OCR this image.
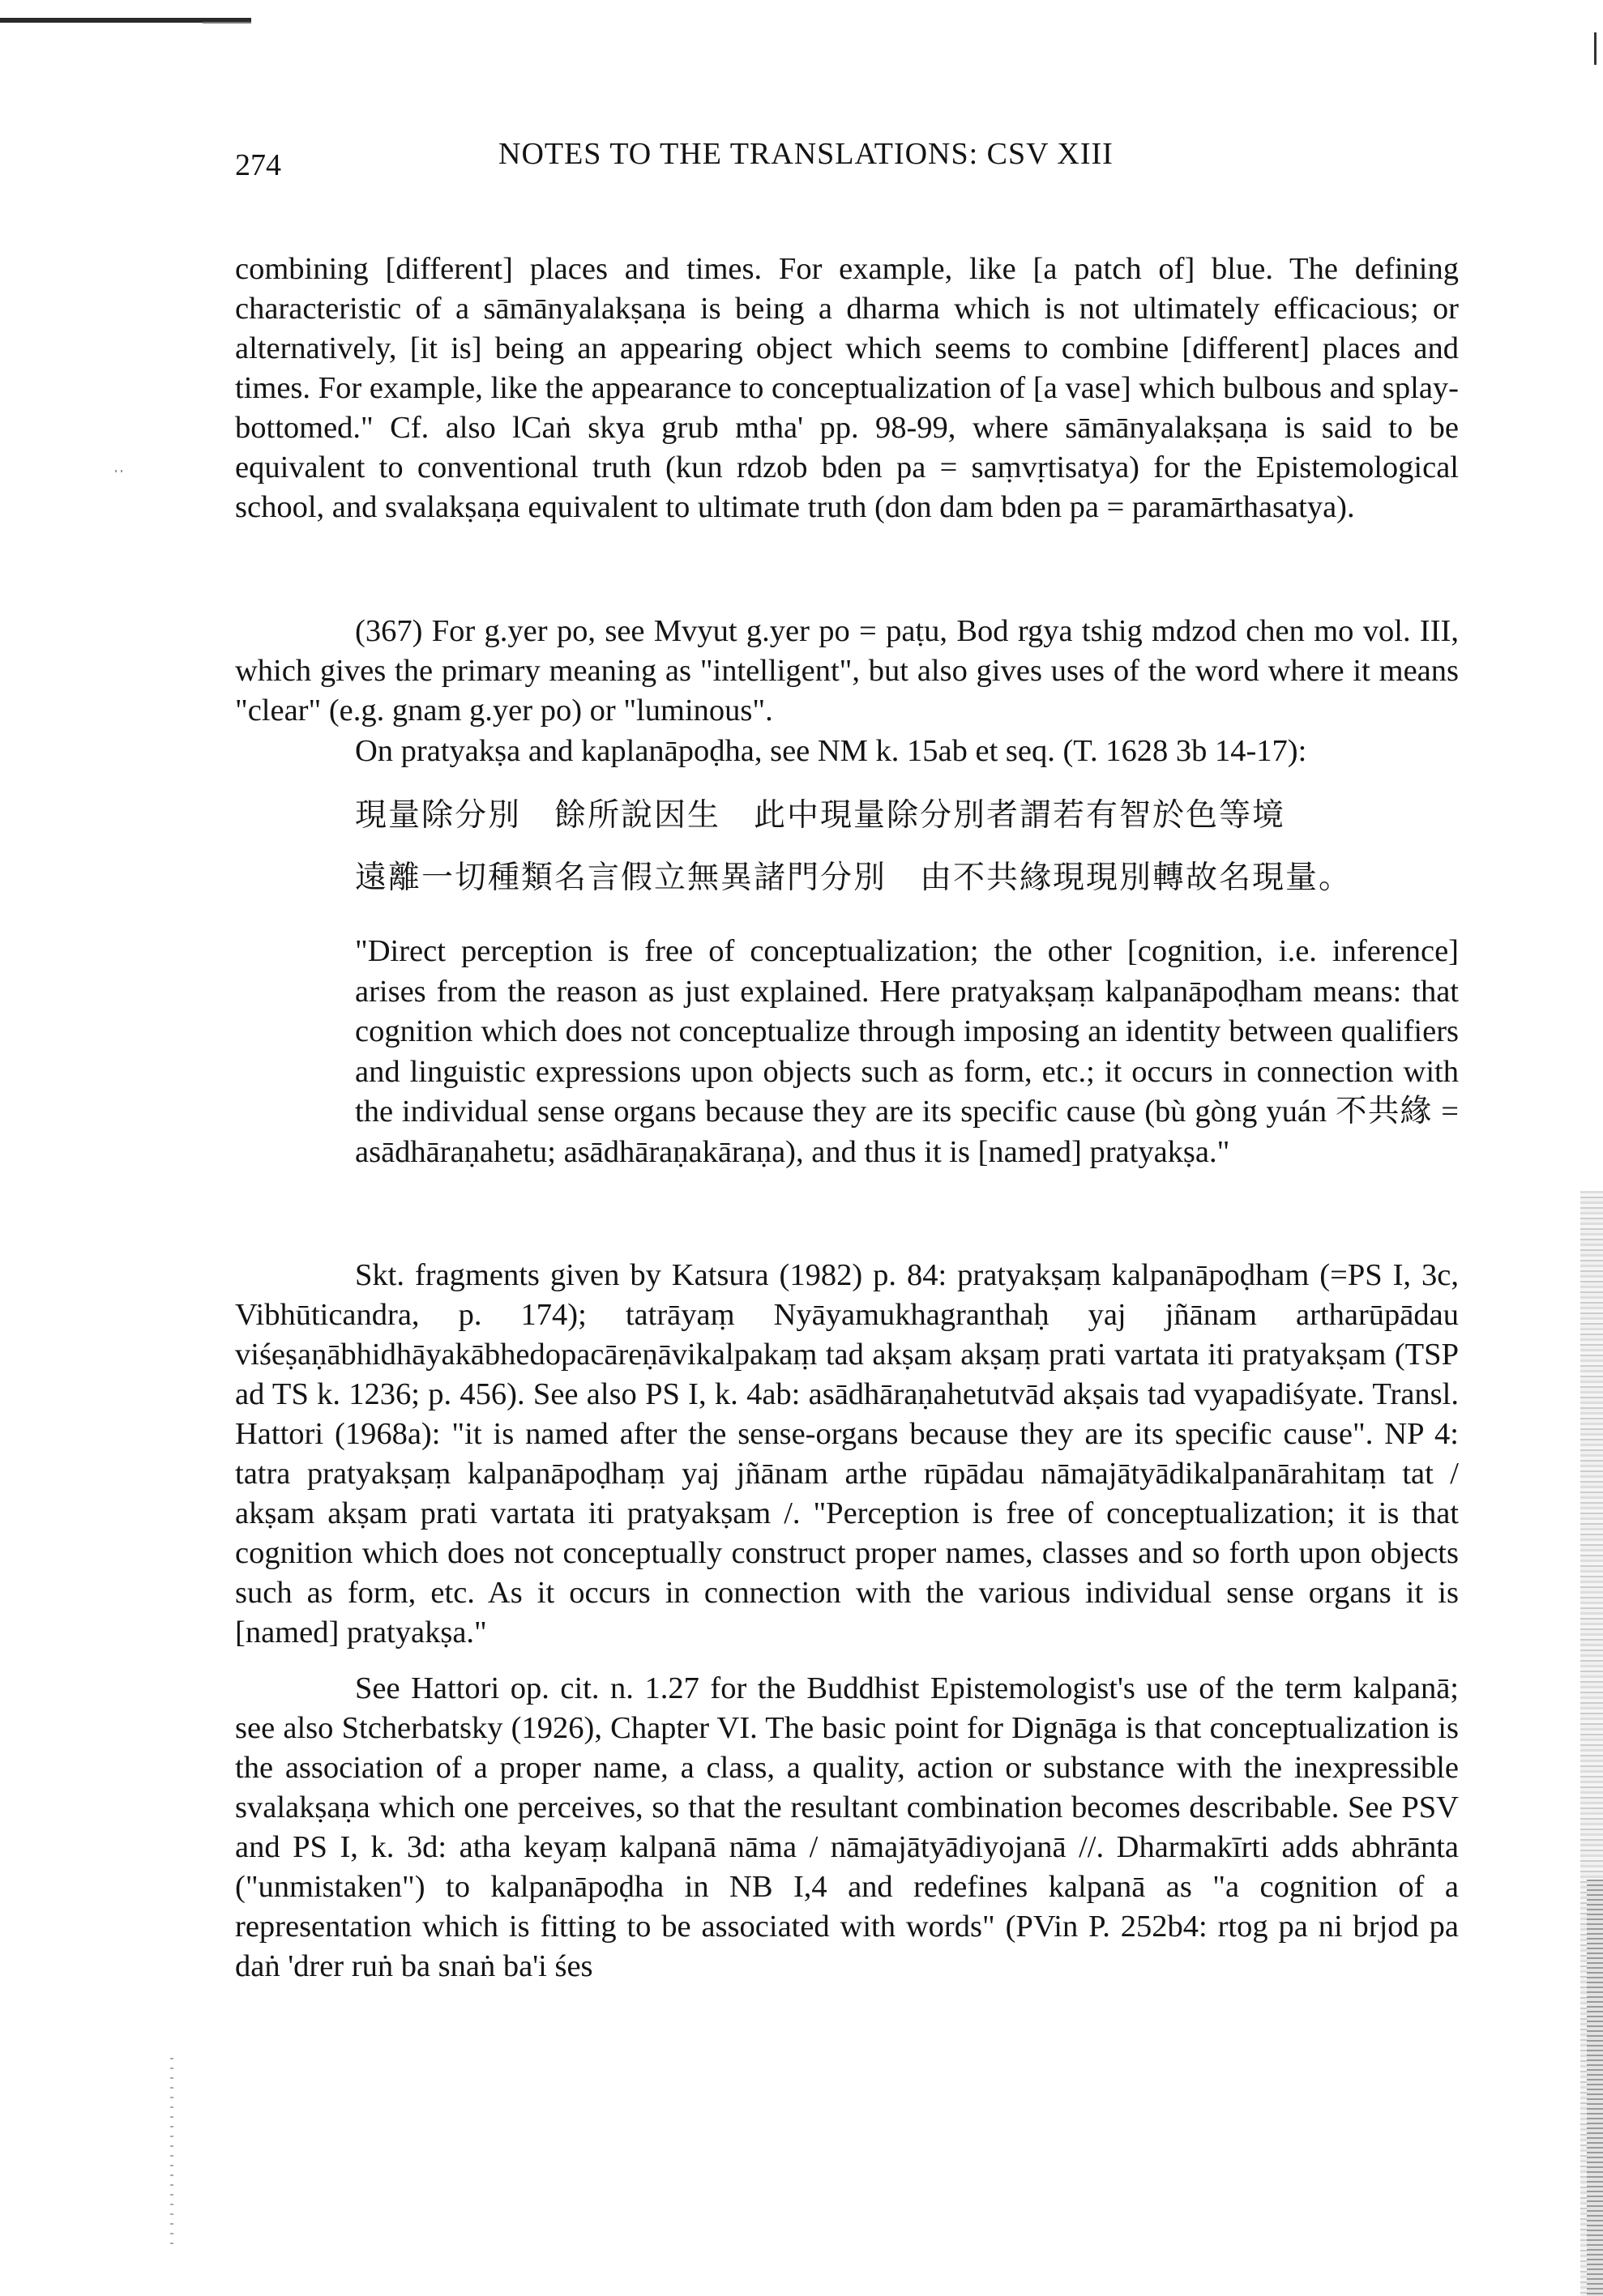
274	NOTES TO THE TRANSLATIONS: CSV XIII

combining [different] places and times. For example, like [a patch of] blue. The defining characteristic of a sāmānyalakṣaṇa is being a dharma which is not ultimately efficacious; or alternatively, [it is] being an appearing object which seems to combine [different] places and times. For example, like the appearance to conceptualization of [a vase] which bulbous and splay-bottomed." Cf. also lCaṅ skya grub mtha' pp. 98-99, where sāmānyalakṣaṇa is said to be equivalent to conventional truth (kun rdzob bden pa = saṃvṛtisatya) for the Epistemological school, and svalakṣaṇa equivalent to ultimate truth (don dam bden pa = paramārthasatya).

(367) For g.yer po, see Mvyut g.yer po = paṭu, Bod rgya tshig mdzod chen mo vol. III, which gives the primary meaning as "intelligent", but also gives uses of the word where it means "clear" (e.g. gnam g.yer po) or "luminous".

On pratyakṣa and kaplanāpoḍha, see NM k. 15ab et seq. (T. 1628 3b 14-17):

現量除分別　餘所說因生　此中現量除分別者謂若有智於色等境
遠離一切種類名言假立無異諸門分別　由不共緣現現別轉故名現量。

"Direct perception is free of conceptualization; the other [cognition, i.e. inference] arises from the reason as just explained. Here pratyakṣaṃ kalpanāpoḍham means: that cognition which does not conceptualize through imposing an identity between qualifiers and linguistic expressions upon objects such as form, etc.; it occurs in connection with the individual sense organs because they are its specific cause (bù gòng yuán 不共緣 = asādhāraṇahetu; asādhāraṇakāraṇa), and thus it is [named] pratyakṣa."

Skt. fragments given by Katsura (1982) p. 84: pratyakṣaṃ kalpanāpoḍham (=PS I, 3c, Vibhūticandra, p. 174); tatrāyaṃ Nyāyamukhagranthaḥ yaj jñānam artharūpādau viśeṣaṇābhidhāyakābhedopacāreṇāvikalpakaṃ tad akṣam akṣaṃ prati vartata iti pratyakṣam (TSP ad TS k. 1236; p. 456). See also PS I, k. 4ab: asādhāraṇahetutvād akṣais tad vyapadiśyate. Transl. Hattori (1968a): "it is named after the sense-organs because they are its specific cause". NP 4: tatra pratyakṣaṃ kalpanāpoḍhaṃ yaj jñānam arthe rūpādau nāmajātyādikalpanārahitaṃ tat / akṣam akṣam prati vartata iti pratyakṣam /. "Perception is free of conceptualization; it is that cognition which does not conceptually construct proper names, classes and so forth upon objects such as form, etc. As it occurs in connection with the various individual sense organs it is [named] pratyakṣa."

See Hattori op. cit. n. 1.27 for the Buddhist Epistemologist's use of the term kalpanā; see also Stcherbatsky (1926), Chapter VI. The basic point for Dignāga is that conceptualization is the association of a proper name, a class, a quality, action or substance with the inexpressible svalakṣaṇa which one perceives, so that the resultant combination becomes describable. See PSV and PS I, k. 3d: atha keyaṃ kalpanā nāma / nāmajātyādiyojanā //. Dharmakīrti adds abhrānta ("unmistaken") to kalpanāpoḍha in NB I,4 and redefines kalpanā as "a cognition of a representation which is fitting to be associated with words" (PVin P. 252b4: rtog pa ni brjod pa daṅ 'drer ruṅ ba snaṅ ba'i śes
